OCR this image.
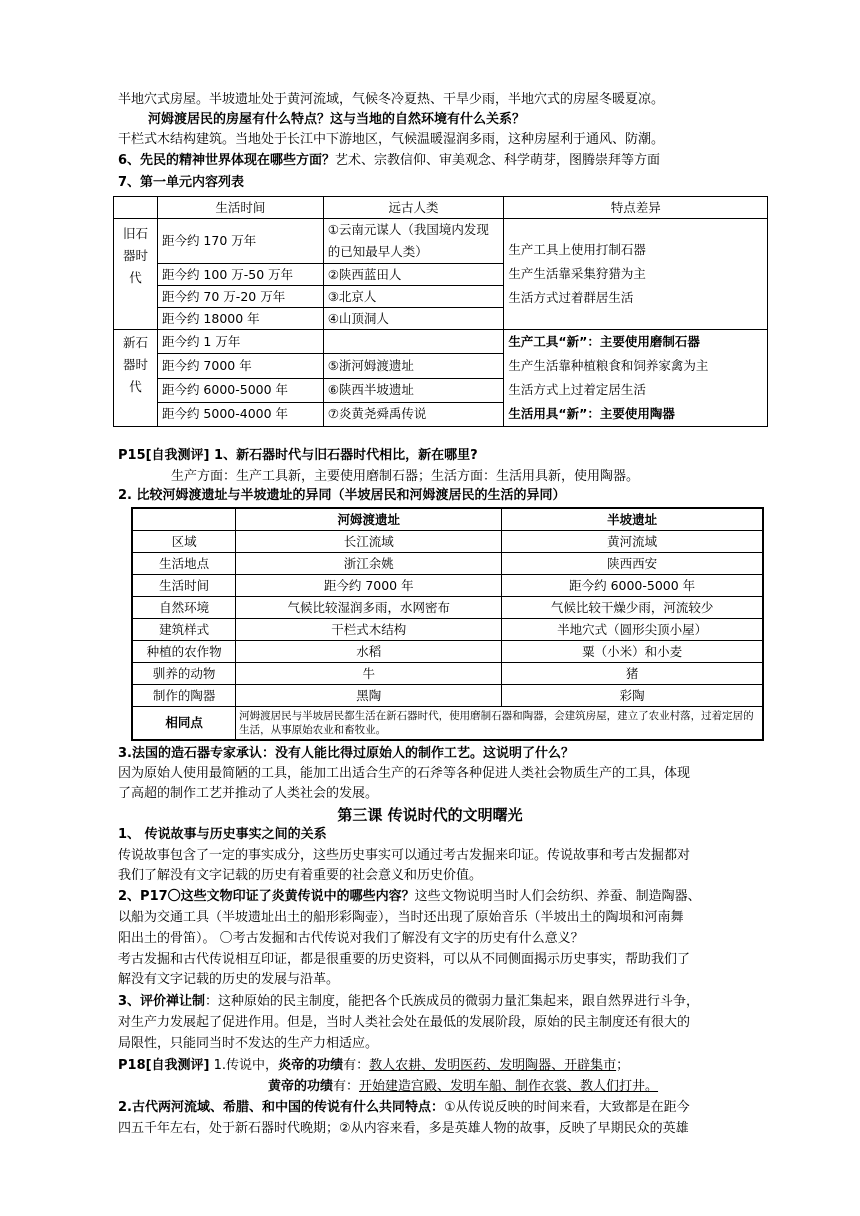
半地穴式房屋。半坡遗址处于黄河流域，气候冬冷夏热、干旱少雨，半地穴式的房屋冬暖夏凉。
河姆渡居民的房屋有什么特点？这与当地的自然环境有什么关系？
干栏式木结构建筑。当地处于长江中下游地区，气候温暖湿润多雨，这种房屋利于通风、防潮。
6、先民的精神世界体现在哪些方面？艺术、宗教信仰、审美观念、科学萌芽，图腾崇拜等方面
7、第一单元内容列表
	生活时间	远古人类	特点差异
旧石器时代	距今约 170 万年	①云南元谋人（我国境内发现的已知最早人类）	生产工具上使用打制石器
生产生活靠采集狩猎为主
生活方式过着群居生活

	距今约 100 万-50 万年	②陕西蓝田人	
	距今约 70 万-20 万年	③北京人	
	距今约 18000 年	④山顶洞人	
新石器时代	距今约 1 万年		生产工具“新”：主要使用磨制石器
生产生活靠种植粮食和饲养家禽为主
生活方式上过着定居生活
生活用具“新”：主要使用陶器

	距今约 7000 年	⑤浙河姆渡遗址	
	距今约 6000-5000 年	⑥陕西半坡遗址	
	距今约 5000-4000 年	⑦炎黄尧舜禹传说	
P15[自我测评] 1、新石器时代与旧石器时代相比，新在哪里?
生产方面：生产工具新，主要使用磨制石器；生活方面：生活用具新，使用陶器。
2. 比较河姆渡遗址与半坡遗址的异同（半坡居民和河姆渡居民的生活的异同）
	河姆渡遗址	半坡遗址
区域	长江流域	黄河流域
生活地点	浙江余姚	陕西西安
生活时间	距今约 7000 年	距今约 6000-5000 年
自然环境	气候比较湿润多雨，水网密布	气候比较干燥少雨，河流较少
建筑样式	干栏式木结构	半地穴式（圆形尖顶小屋）
种植的农作物	水稻	粟（小米）和小麦
驯养的动物	牛	猪
制作的陶器	黑陶	彩陶
相同点	河姆渡居民与半坡居民都生活在新石器时代，使用磨制石器和陶器，会建筑房屋，建立了农业村落，过着定居的生活，从事原始农业和畜牧业。	
3.法国的造石器专家承认：没有人能比得过原始人的制作工艺。这说明了什么？
因为原始人使用最简陋的工具，能加工出适合生产的石斧等各种促进人类社会物质生产的工具，体现
了高超的制作工艺并推动了人类社会的发展。
第三课 传说时代的文明曙光
1、 传说故事与历史事实之间的关系
传说故事包含了一定的事实成分，这些历史事实可以通过考古发掘来印证。传说故事和考古发掘都对
我们了解没有文字记载的历史有着重要的社会意义和历史价值。
2、P17〇这些文物印证了炎黄传说中的哪些内容？这些文物说明当时人们会纺织、养蚕、制造陶器、
以船为交通工具（半坡遗址出土的船形彩陶壶），当时还出现了原始音乐（半坡出土的陶埙和河南舞
阳出土的骨笛）。 〇考古发掘和古代传说对我们了解没有文字的历史有什么意义？
考古发掘和古代传说相互印证，都是很重要的历史资料，可以从不同侧面揭示历史事实，帮助我们了
解没有文字记载的历史的发展与沿革。
3、评价禅让制：这种原始的民主制度，能把各个氏族成员的微弱力量汇集起来，跟自然界进行斗争，
对生产力发展起了促进作用。但是，当时人类社会处在最低的发展阶段，原始的民主制度还有很大的
局限性，只能同当时不发达的生产力相适应。
P18[自我测评] 1.传说中，炎帝的功绩有：教人农耕、发明医药、发明陶器、开辟集市；
黄帝的功绩有：开始建造宫殿、发明车船、制作衣裳、教人们打井。
2.古代两河流域、希腊、和中国的传说有什么共同特点：①从传说反映的时间来看，大致都是在距今
四五千年左右，处于新石器时代晚期；②从内容来看，多是英雄人物的故事，反映了早期民众的英雄
